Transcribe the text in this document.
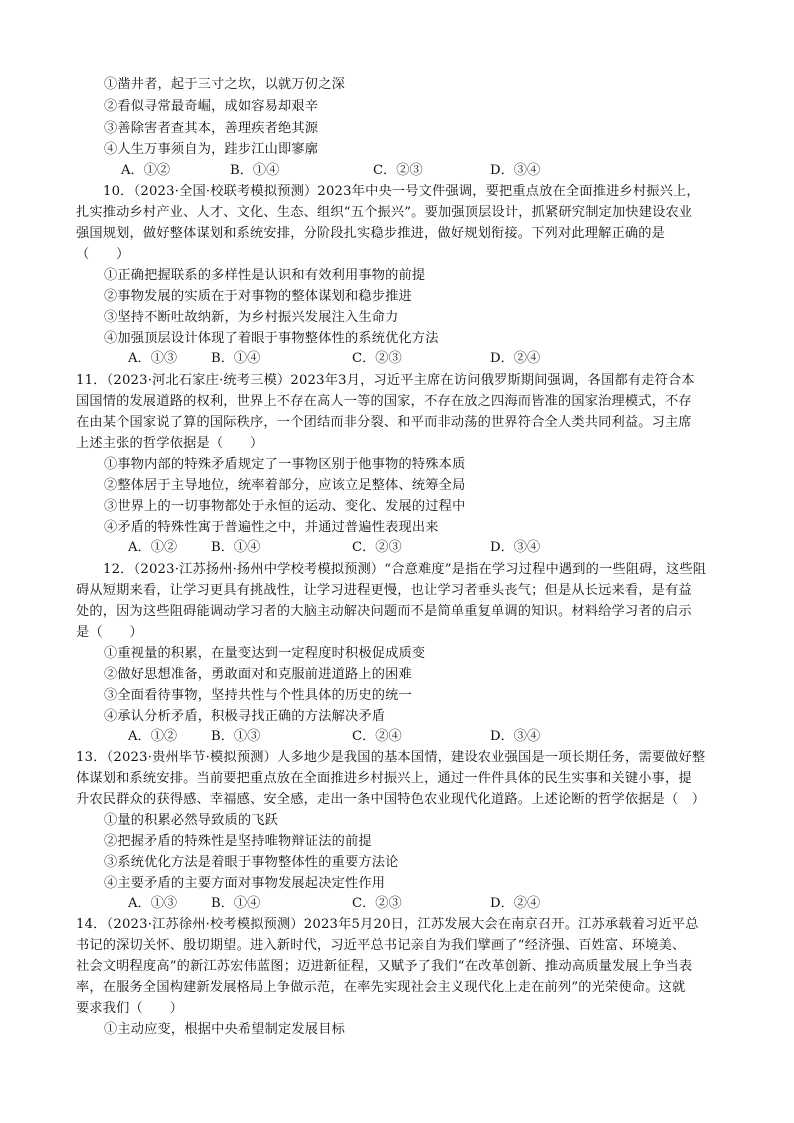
①凿井者，起于三寸之坎，以就万仞之深
②看似寻常最奇崛，成如容易却艰辛
③善除害者查其本，善理疾者绝其源
④人生万事须自为，跬步江山即寥廓
A．①②	B．①④	C．②③	D．③④
10．（2023·全国·校联考模拟预测）2023年中央一号文件强调，要把重点放在全面推进乡村振兴上，
扎实推动乡村产业、人才、文化、生态、组织“五个振兴”。要加强顶层设计，抓紧研究制定加快建设农业
强国规划，做好整体谋划和系统安排，分阶段扎实稳步推进，做好规划衔接。下列对此理解正确的是
（　　）
①正确把握联系的多样性是认识和有效利用事物的前提
②事物发展的实质在于对事物的整体谋划和稳步推进
③坚持不断吐故纳新，为乡村振兴发展注入生命力
④加强顶层设计体现了着眼于事物整体性的系统优化方法
A．①③	B．①④	C．②③	D．②④
11．（2023·河北石家庄·统考三模）2023年3月，习近平主席在访问俄罗斯期间强调，各国都有走符合本
国国情的发展道路的权利，世界上不存在高人一等的国家，不存在放之四海而皆准的国家治理模式，不存
在由某个国家说了算的国际秩序，一个团结而非分裂、和平而非动荡的世界符合全人类共同利益。习主席
上述主张的哲学依据是（　　）
①事物内部的特殊矛盾规定了一事物区别于他事物的特殊本质
②整体居于主导地位，统率着部分，应该立足整体、统筹全局
③世界上的一切事物都处于永恒的运动、变化、发展的过程中
④矛盾的特殊性寓于普遍性之中，并通过普遍性表现出来
A．①②	B．①④	C．②③	D．③④
12．（2023·江苏扬州·扬州中学校考模拟预测）“合意难度”是指在学习过程中遇到的一些阻碍，这些阻
碍从短期来看，让学习更具有挑战性，让学习进程更慢，也让学习者垂头丧气；但是从长远来看，是有益
处的，因为这些阻碍能调动学习者的大脑主动解决问题而不是简单重复单调的知识。材料给学习者的启示
是（　　）
①重视量的积累，在量变达到一定程度时积极促成质变
②做好思想准备，勇敢面对和克服前进道路上的困难
③全面看待事物，坚持共性与个性具体的历史的统一
④承认分析矛盾，积极寻找正确的方法解决矛盾
A．①②	B．①③	C．②④	D．③④
13．（2023·贵州毕节·模拟预测）人多地少是我国的基本国情，建设农业强国是一项长期任务，需要做好整
体谋划和系统安排。当前要把重点放在全面推进乡村振兴上，通过一件件具体的民生实事和关键小事，提
升农民群众的获得感、幸福感、安全感，走出一条中国特色农业现代化道路。上述论断的哲学依据是（　）
①量的积累必然导致质的飞跃
②把握矛盾的特殊性是坚持唯物辩证法的前提
③系统优化方法是着眼于事物整体性的重要方法论
④主要矛盾的主要方面对事物发展起决定性作用
A．①③	B．①④	C．②③	D．②④
14．（2023·江苏徐州·校考模拟预测）2023年5月20日，江苏发展大会在南京召开。江苏承载着习近平总
书记的深切关怀、殷切期望。进入新时代，习近平总书记亲自为我们擘画了“经济强、百姓富、环境美、
社会文明程度高”的新江苏宏伟蓝图；迈进新征程，又赋予了我们“在改革创新、推动高质量发展上争当表
率，在服务全国构建新发展格局上争做示范，在率先实现社会主义现代化上走在前列”的光荣使命。这就
要求我们（　　）
①主动应变，根据中央希望制定发展目标
